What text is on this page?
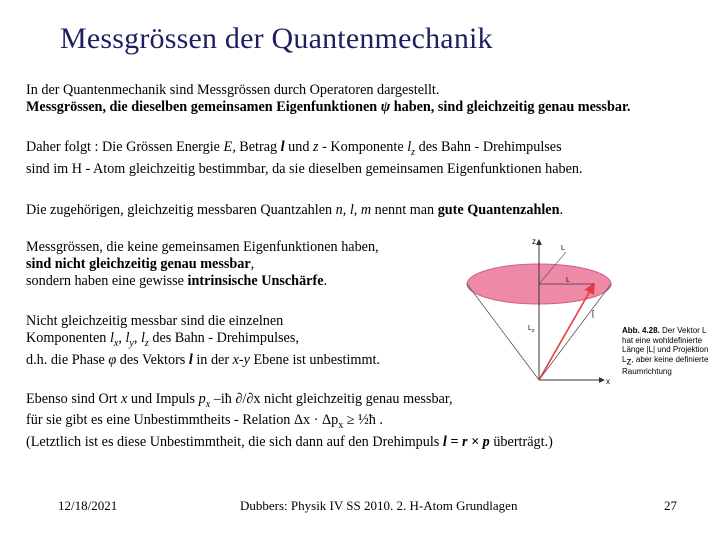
Messgrössen der Quantenmechanik

In der Quantenmechanik sind Messgrössen durch Operatoren dargestellt.

Messgrössen, die dieselben gemeinsamen Eigenfunktionen ψ haben, sind gleichzeitig genau messbar.

Daher folgt : Die Grössen Energie E, Betrag l und z - Komponente $l_z$ des Bahn - Drehimpulses

sind im H - Atom gleichzeitig bestimmbar, da sie dieselben gemeinsamen Eigenfunktionen haben.

Die zugehörigen, gleichzeitig messbaren Quantzahlen n, l, m nennt man gute Quantenzahlen.

Messgrössen, die keine gemeinsamen Eigenfunktionen haben,

sind nicht gleichzeitig genau messbar,

sondern haben eine gewisse intrinsische Unschärfe.

Nicht gleichzeitig messbar sind die einzelnen

Komponenten $l_x$, $l_y$, $l_z$ des Bahn - Drehimpulses,

d.h. die Phase φ des Vektors l in der x-y Ebene ist unbestimmt.

Ebenso sind Ort x und Impuls $p_x$ –iħ ∂/∂x nicht gleichzeitig genau messbar,

für sie gibt es eine Unbestimmtheits - Relation $\Delta x \cdot \Delta p_x$ ≥ ½ħ .

(Letztlich ist es diese Unbestimmtheit, die sich dann auf den Drehimpuls l = r × p überträgt.)

z
x
L
L
$L_z$
[
Abb. 4.28. Der Vektor L hat eine wohldefinierte Länge |L| und Projektion $L_z$, aber keine definierte Raumrichtung
12/18/2021	Dubbers: Physik IV SS 2010. 2. H-Atom Grundlagen	27
